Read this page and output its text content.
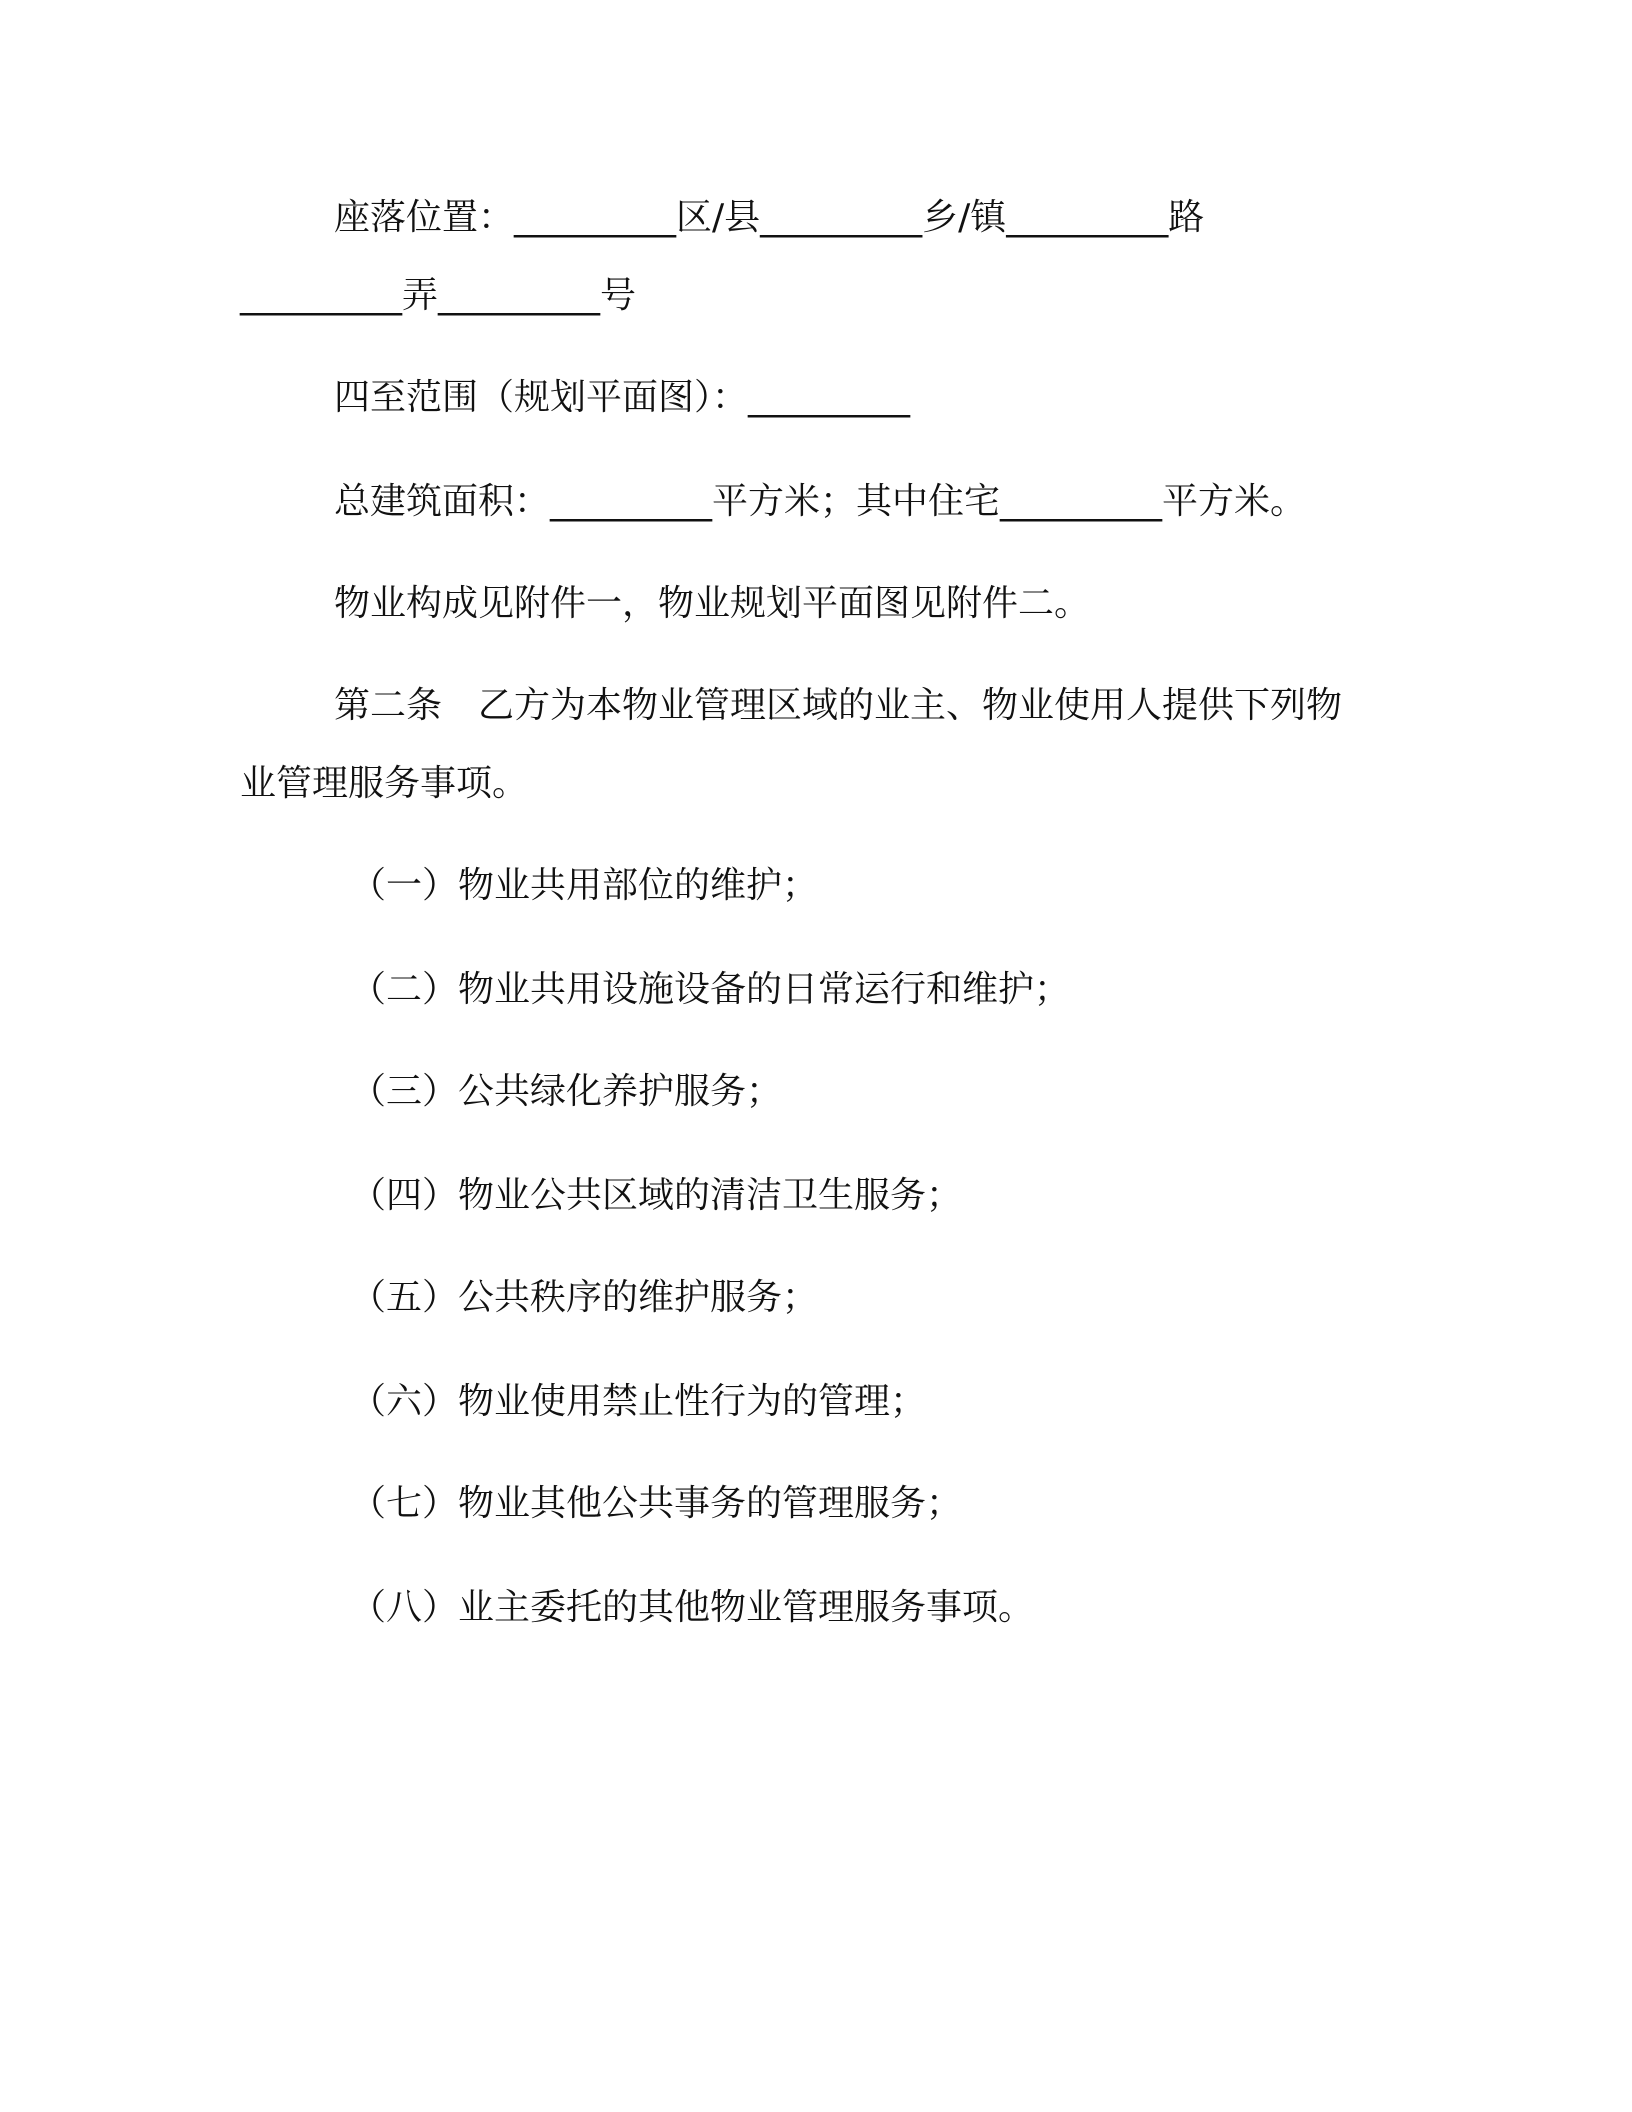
座落位置：_________区/县_________乡/镇_________路
_________弄_________号
四至范围（规划平面图）：_________
总建筑面积：_________平方米；其中住宅_________平方米。
物业构成见附件一，物业规划平面图见附件二。
第二条　乙方为本物业管理区域的业主、物业使用人提供下列物
业管理服务事项。
（一）物业共用部位的维护；
（二）物业共用设施设备的日常运行和维护；
（三）公共绿化养护服务；
（四）物业公共区域的清洁卫生服务；
（五）公共秩序的维护服务；
（六）物业使用禁止性行为的管理；
（七）物业其他公共事务的管理服务；
（八）业主委托的其他物业管理服务事项。
